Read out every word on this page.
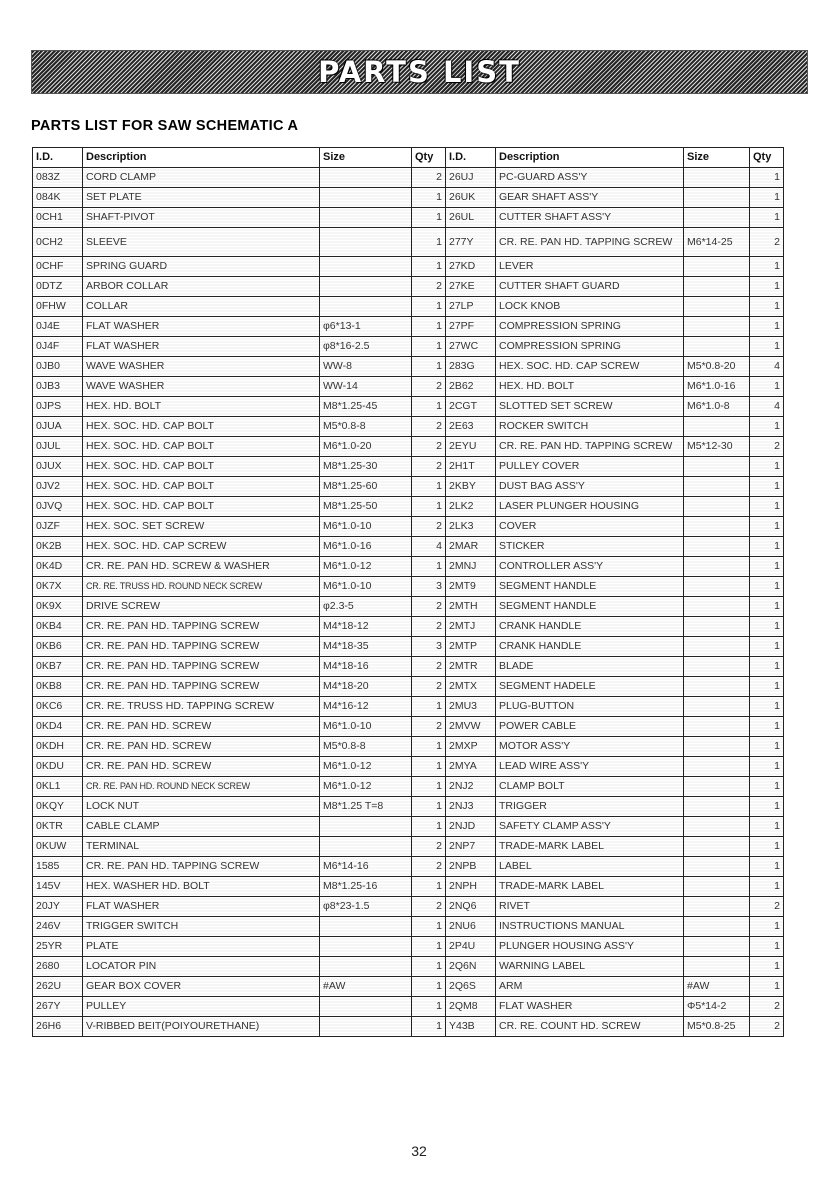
PARTS LIST
PARTS LIST FOR SAW SCHEMATIC A
I.D.	Description	Size	Qty	I.D.	Description	Size	Qty
083Z	CORD CLAMP		2	26UJ	PC-GUARD ASS'Y		1
084K	SET PLATE		1	26UK	GEAR SHAFT ASS'Y		1
0CH1	SHAFT-PIVOT		1	26UL	CUTTER SHAFT ASS'Y		1
0CH2	SLEEVE		1	277Y	CR. RE. PAN HD. TAPPING SCREW	M6*14-25	2
0CHF	SPRING GUARD		1	27KD	LEVER		1
0DTZ	ARBOR COLLAR		2	27KE	CUTTER SHAFT GUARD		1
0FHW	COLLAR		1	27LP	LOCK KNOB		1
0J4E	FLAT WASHER	φ6*13-1	1	27PF	COMPRESSION SPRING		1
0J4F	FLAT WASHER	φ8*16-2.5	1	27WC	COMPRESSION SPRING		1
0JB0	WAVE WASHER	WW-8	1	283G	HEX. SOC. HD. CAP SCREW	M5*0.8-20	4
0JB3	WAVE WASHER	WW-14	2	2B62	HEX. HD. BOLT	M6*1.0-16	1
0JPS	HEX. HD. BOLT	M8*1.25-45	1	2CGT	SLOTTED SET SCREW	M6*1.0-8	4
0JUA	HEX. SOC. HD. CAP BOLT	M5*0.8-8	2	2E63	ROCKER SWITCH		1
0JUL	HEX. SOC. HD. CAP BOLT	M6*1.0-20	2	2EYU	CR. RE. PAN HD. TAPPING SCREW	M5*12-30	2
0JUX	HEX. SOC. HD. CAP BOLT	M8*1.25-30	2	2H1T	PULLEY COVER		1
0JV2	HEX. SOC. HD. CAP BOLT	M8*1.25-60	1	2KBY	DUST BAG ASS'Y		1
0JVQ	HEX. SOC. HD. CAP BOLT	M8*1.25-50	1	2LK2	LASER PLUNGER HOUSING		1
0JZF	HEX. SOC. SET SCREW	M6*1.0-10	2	2LK3	COVER		1
0K2B	HEX. SOC. HD. CAP SCREW	M6*1.0-16	4	2MAR	STICKER		1
0K4D	CR. RE. PAN HD. SCREW & WASHER	M6*1.0-12	1	2MNJ	CONTROLLER ASS'Y		1
0K7X	CR. RE. TRUSS HD. ROUND NECK SCREW	M6*1.0-10	3	2MT9	SEGMENT HANDLE		1
0K9X	DRIVE SCREW	φ2.3-5	2	2MTH	SEGMENT HANDLE		1
0KB4	CR. RE. PAN HD. TAPPING SCREW	M4*18-12	2	2MTJ	CRANK HANDLE		1
0KB6	CR. RE. PAN HD. TAPPING SCREW	M4*18-35	3	2MTP	CRANK HANDLE		1
0KB7	CR. RE. PAN HD. TAPPING SCREW	M4*18-16	2	2MTR	BLADE		1
0KB8	CR. RE. PAN HD. TAPPING SCREW	M4*18-20	2	2MTX	SEGMENT HADELE		1
0KC6	CR. RE. TRUSS HD. TAPPING SCREW	M4*16-12	1	2MU3	PLUG-BUTTON		1
0KD4	CR. RE. PAN HD. SCREW	M6*1.0-10	2	2MVW	POWER CABLE		1
0KDH	CR. RE. PAN HD. SCREW	M5*0.8-8	1	2MXP	MOTOR ASS'Y		1
0KDU	CR. RE. PAN HD. SCREW	M6*1.0-12	1	2MYA	LEAD WIRE ASS'Y		1
0KL1	CR. RE. PAN HD. ROUND NECK SCREW	M6*1.0-12	1	2NJ2	CLAMP BOLT		1
0KQY	LOCK NUT	M8*1.25 T=8	1	2NJ3	TRIGGER		1
0KTR	CABLE CLAMP		1	2NJD	SAFETY CLAMP ASS'Y		1
0KUW	TERMINAL		2	2NP7	TRADE-MARK LABEL		1
1585	CR. RE. PAN HD. TAPPING SCREW	M6*14-16	2	2NPB	LABEL		1
145V	HEX. WASHER HD. BOLT	M8*1.25-16	1	2NPH	TRADE-MARK LABEL		1
20JY	FLAT WASHER	φ8*23-1.5	2	2NQ6	RIVET		2
246V	TRIGGER SWITCH		1	2NU6	INSTRUCTIONS MANUAL		1
25YR	PLATE		1	2P4U	PLUNGER HOUSING ASS'Y		1
2680	LOCATOR PIN		1	2Q6N	WARNING LABEL		1
262U	GEAR BOX COVER	#AW	1	2Q6S	ARM	#AW	1
267Y	PULLEY		1	2QM8	FLAT WASHER	Φ5*14-2	2
26H6	V-RIBBED BEIT(POIYOURETHANE)		1	Y43B	CR. RE. COUNT HD. SCREW	M5*0.8-25	2
32
